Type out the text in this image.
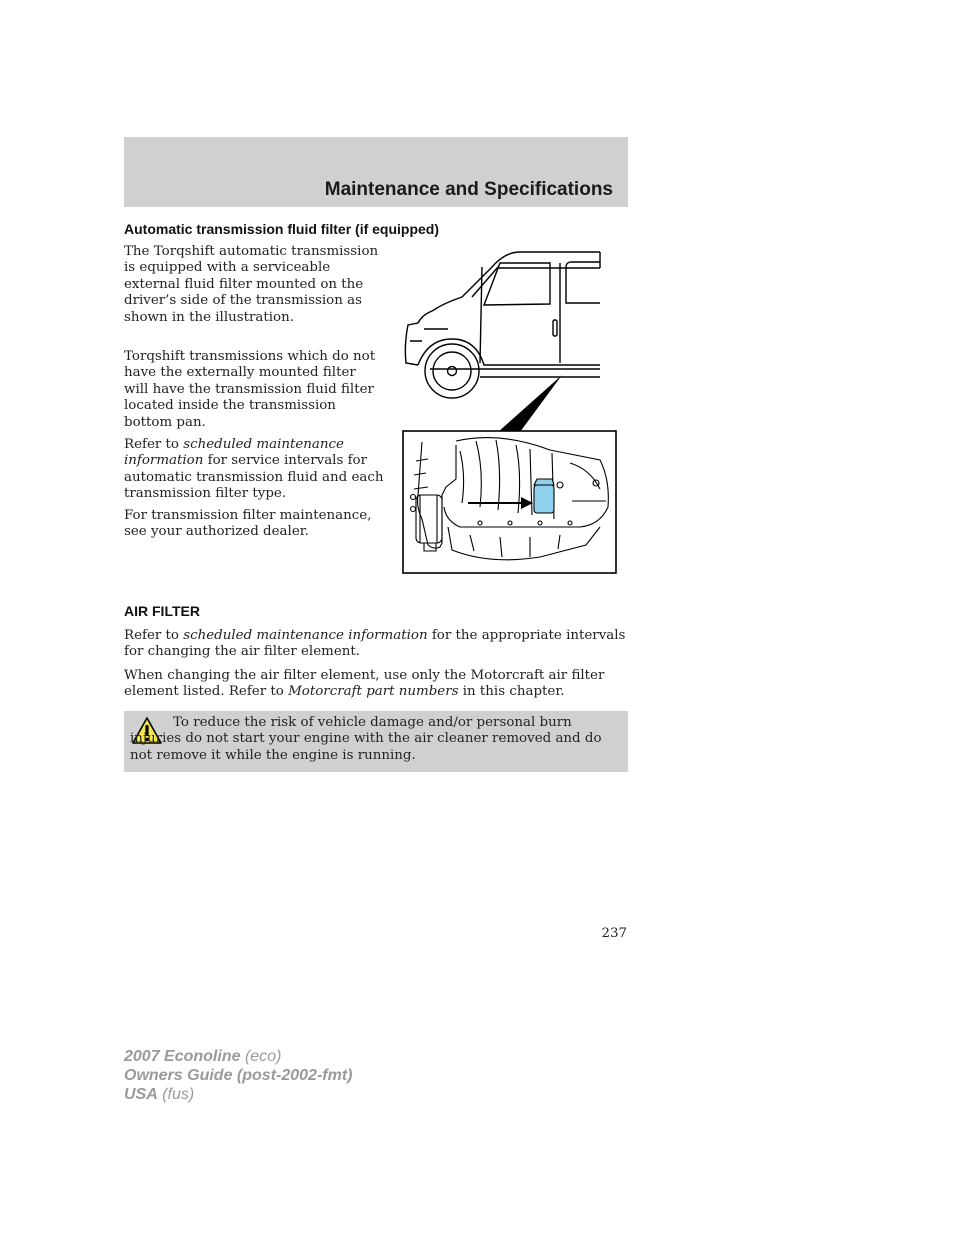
Maintenance and Specifications
Automatic transmission fluid filter (if equipped)
The Torqshift automatic transmission is equipped with a serviceable external fluid filter mounted on the driver’s side of the transmission as shown in the illustration.
Torqshift transmissions which do not have the externally mounted filter will have the transmission fluid filter located inside the transmission bottom pan.
Refer to scheduled maintenance information for service intervals for automatic transmission fluid and each transmission filter type.
For transmission filter maintenance, see your authorized dealer.
AIR FILTER
Refer to scheduled maintenance information for the appropriate intervals for changing the air filter element.
When changing the air filter element, use only the Motorcraft air filter element listed. Refer to Motorcraft part numbers in this chapter.
To reduce the risk of vehicle damage and/or personal burn injuries do not start your engine with the air cleaner removed and do not remove it while the engine is running.
237
2007 Econoline (eco)
Owners Guide (post-2002-fmt)
USA (fus)
